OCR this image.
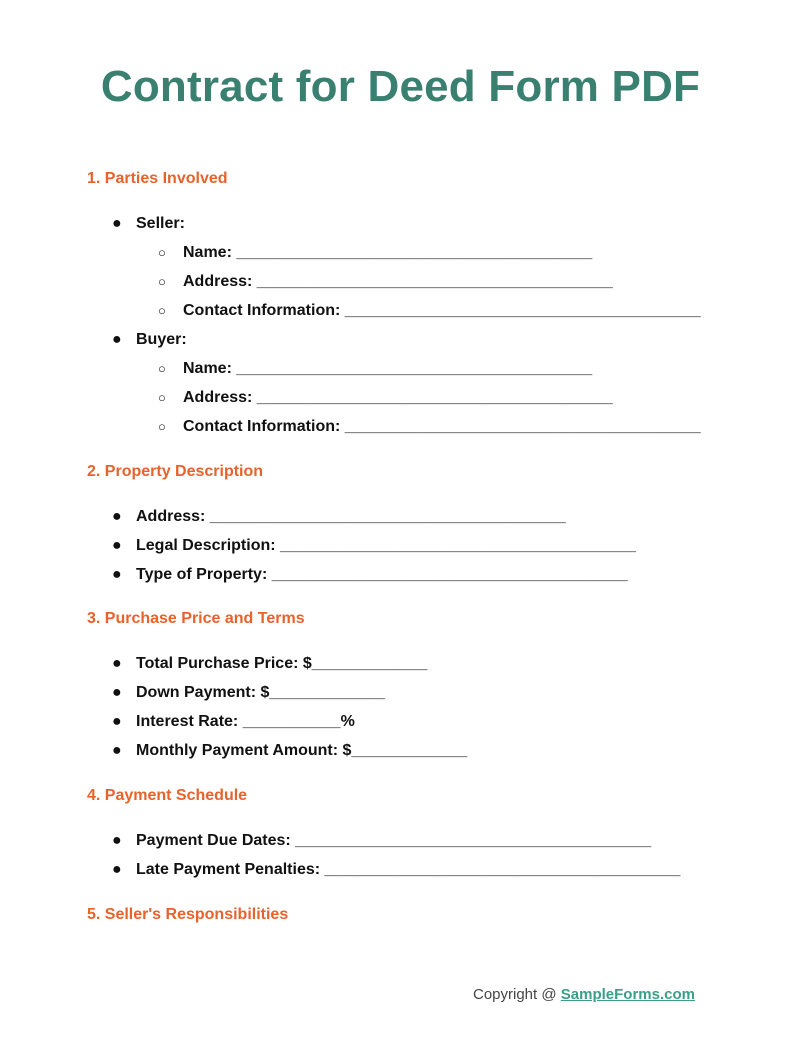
Contract for Deed Form PDF
1. Parties Involved
● Seller:
○ Name: ________________________________________
○ Address: ________________________________________
○ Contact Information: ________________________________________
● Buyer:
○ Name: ________________________________________
○ Address: ________________________________________
○ Contact Information: ________________________________________
2. Property Description
● Address: ________________________________________
● Legal Description: ________________________________________
● Type of Property: ________________________________________
3. Purchase Price and Terms
● Total Purchase Price: $_____________
● Down Payment: $_____________
● Interest Rate: ___________%
● Monthly Payment Amount: $_____________
4. Payment Schedule
● Payment Due Dates: ________________________________________
● Late Payment Penalties: ________________________________________
5. Seller's Responsibilities
Copyright @ SampleForms.com
